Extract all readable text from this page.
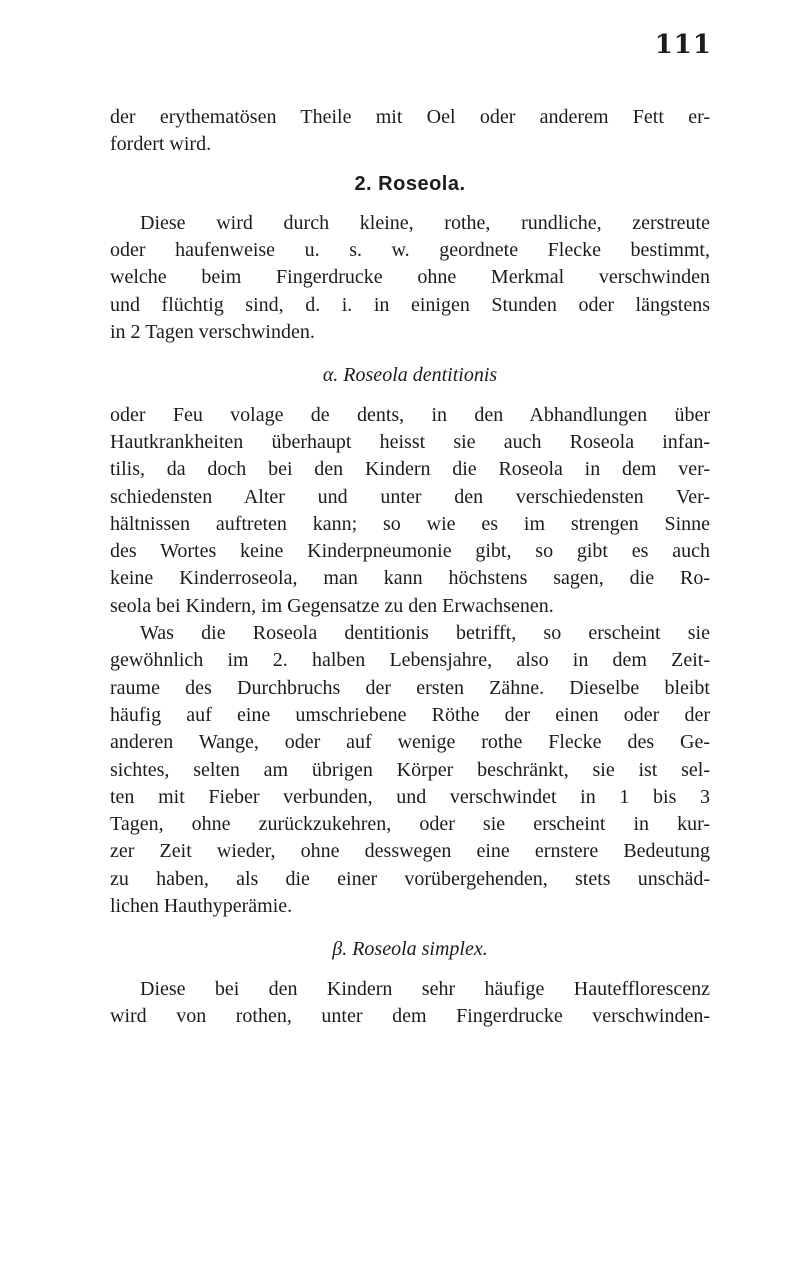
111
der erythematösen Theile mit Oel oder anderem Fett er-
fordert wird.
2. Roseola.
Diese wird durch kleine, rothe, rundliche, zerstreute
oder haufenweise u. s. w. geordnete Flecke bestimmt,
welche beim Fingerdrucke ohne Merkmal verschwinden
und flüchtig sind, d. i. in einigen Stunden oder längstens
in 2 Tagen verschwinden.
α. Roseola dentitionis
oder Feu volage de dents, in den Abhandlungen über
Hautkrankheiten überhaupt heisst sie auch Roseola infan-
tilis, da doch bei den Kindern die Roseola in dem ver-
schiedensten Alter und unter den verschiedensten Ver-
hältnissen auftreten kann; so wie es im strengen Sinne
des Wortes keine Kinderpneumonie gibt, so gibt es auch
keine Kinderroseola, man kann höchstens sagen, die Ro-
seola bei Kindern, im Gegensatze zu den Erwachsenen.
Was die Roseola dentitionis betrifft, so erscheint sie
gewöhnlich im 2. halben Lebensjahre, also in dem Zeit-
raume des Durchbruchs der ersten Zähne. Dieselbe bleibt
häufig auf eine umschriebene Röthe der einen oder der
anderen Wange, oder auf wenige rothe Flecke des Ge-
sichtes, selten am übrigen Körper beschränkt, sie ist sel-
ten mit Fieber verbunden, und verschwindet in 1 bis 3
Tagen, ohne zurückzukehren, oder sie erscheint in kur-
zer Zeit wieder, ohne desswegen eine ernstere Bedeutung
zu haben, als die einer vorübergehenden, stets unschäd-
lichen Hauthyperämie.
β. Roseola simplex.
Diese bei den Kindern sehr häufige Hautefflorescenz
wird von rothen, unter dem Fingerdrucke verschwinden-
